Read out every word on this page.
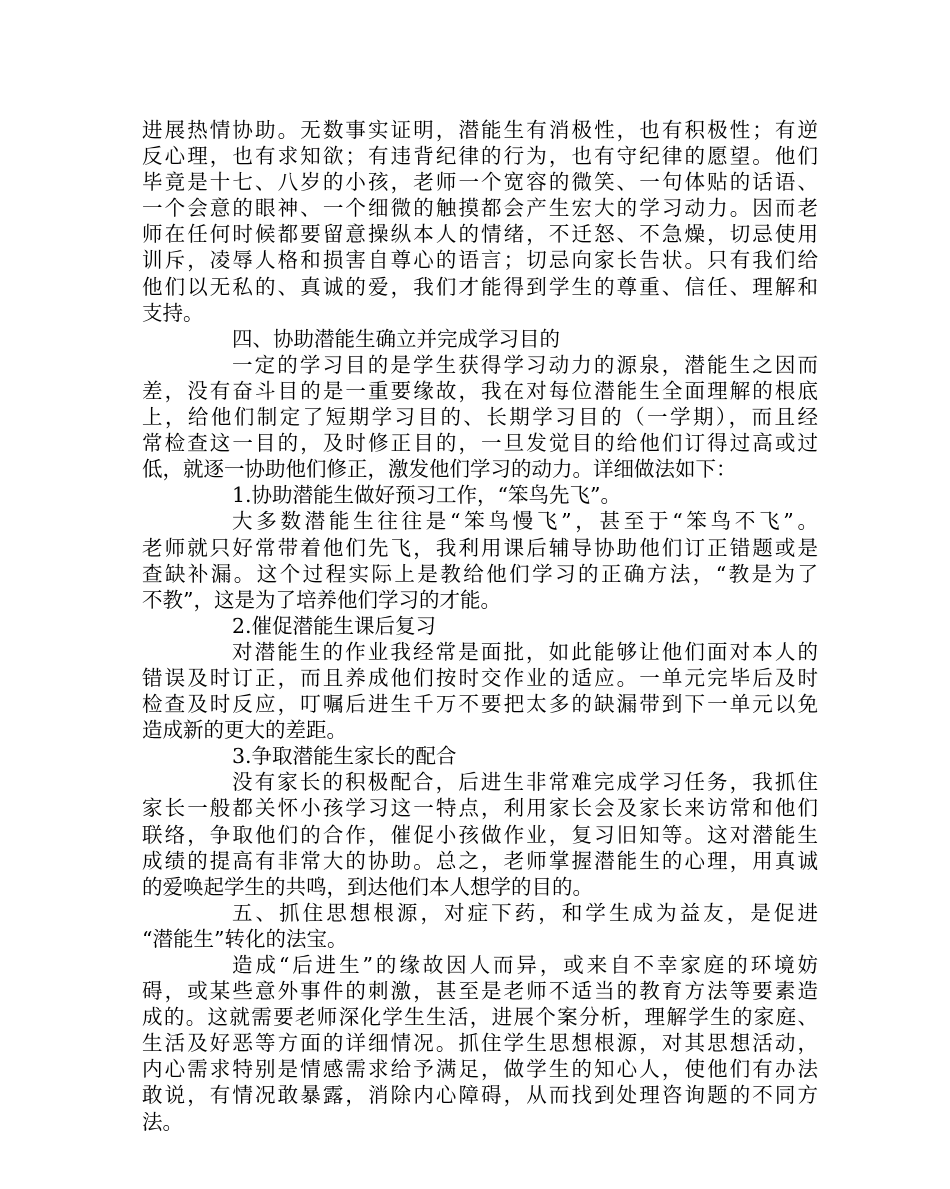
进展热情协助。无数事实证明，潜能生有消极性，也有积极性；有逆
反心理，也有求知欲；有违背纪律的行为，也有守纪律的愿望。他们
毕竟是十七、八岁的小孩，老师一个宽容的微笑、一句体贴的话语、
一个会意的眼神、一个细微的触摸都会产生宏大的学习动力。因而老
师在任何时候都要留意操纵本人的情绪，不迁怒、不急燥，切忌使用
训斥，凌辱人格和损害自尊心的语言；切忌向家长告状。只有我们给
他们以无私的、真诚的爱，我们才能得到学生的尊重、信任、理解和
支持。
四、协助潜能生确立并完成学习目的
一定的学习目的是学生获得学习动力的源泉，潜能生之因而
差，没有奋斗目的是一重要缘故，我在对每位潜能生全面理解的根底
上，给他们制定了短期学习目的、长期学习目的（一学期），而且经
常检查这一目的，及时修正目的，一旦发觉目的给他们订得过高或过
低，就逐一协助他们修正，激发他们学习的动力。详细做法如下：
1.协助潜能生做好预习工作，“笨鸟先飞”。
大多数潜能生往往是“笨鸟慢飞”，甚至于“笨鸟不飞”。
老师就只好常带着他们先飞，我利用课后辅导协助他们订正错题或是
查缺补漏。这个过程实际上是教给他们学习的正确方法，“教是为了
不教”，这是为了培养他们学习的才能。
2.催促潜能生课后复习
对潜能生的作业我经常是面批，如此能够让他们面对本人的
错误及时订正，而且养成他们按时交作业的适应。一单元完毕后及时
检查及时反应，叮嘱后进生千万不要把太多的缺漏带到下一单元以免
造成新的更大的差距。
3.争取潜能生家长的配合
没有家长的积极配合，后进生非常难完成学习任务，我抓住
家长一般都关怀小孩学习这一特点，利用家长会及家长来访常和他们
联络，争取他们的合作，催促小孩做作业，复习旧知等。这对潜能生
成绩的提高有非常大的协助。总之，老师掌握潜能生的心理，用真诚
的爱唤起学生的共鸣，到达他们本人想学的目的。
五、抓住思想根源，对症下药，和学生成为益友，是促进
“潜能生”转化的法宝。
造成“后进生”的缘故因人而异，或来自不幸家庭的环境妨
碍，或某些意外事件的刺激，甚至是老师不适当的教育方法等要素造
成的。这就需要老师深化学生生活，进展个案分析，理解学生的家庭、
生活及好恶等方面的详细情况。抓住学生思想根源，对其思想活动，
内心需求特别是情感需求给予满足，做学生的知心人，使他们有办法
敢说，有情况敢暴露，消除内心障碍，从而找到处理咨询题的不同方
法。
